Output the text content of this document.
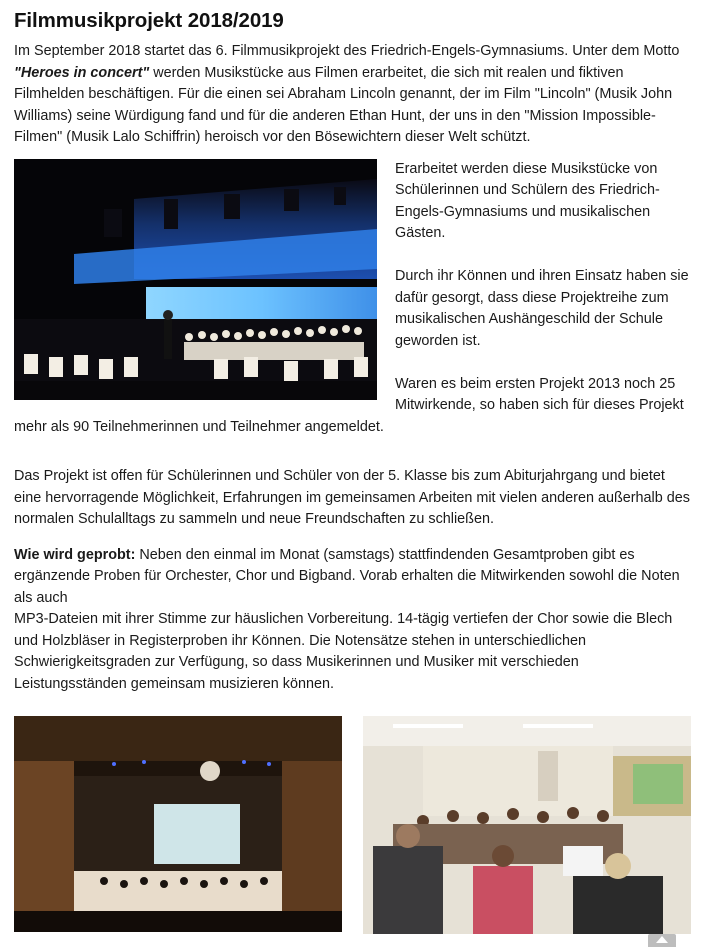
Filmmusikprojekt 2018/2019

Im September 2018 startet das 6. Filmmusikprojekt des Friedrich-Engels-Gymnasiums. Unter dem Motto "Heroes in concert" werden Musikstücke aus Filmen erarbeitet, die sich mit realen und fiktiven Filmhelden beschäftigen. Für die einen sei Abraham Lincoln genannt, der im Film "Lincoln" (Musik John Williams) seine Würdigung fand und für die anderen Ethan Hunt, der uns in den "Mission Impossible-Filmen" (Musik Lalo Schiffrin) heroisch vor den Bösewichtern dieser Welt schützt.

Erarbeitet werden diese Musikstücke von Schülerinnen und Schülern des Friedrich-Engels-Gymnasiums und musikalischen Gästen.

Durch ihr Können und ihren Einsatz haben sie dafür gesorgt, dass diese Projektreihe zum musikalischen Aushängeschild der Schule geworden ist.

Waren es beim ersten Projekt 2013 noch 25 Mitwirkende, so haben sich für dieses Projekt mehr als 90 Teilnehmerinnen und Teilnehmer angemeldet.

Das Projekt ist offen für Schülerinnen und Schüler von der 5. Klasse bis zum Abiturjahrgang und bietet eine hervorragende Möglichkeit, Erfahrungen im gemeinsamen Arbeiten mit vielen anderen außerhalb des normalen Schulalltags zu sammeln und neue Freundschaften zu schließen.

Wie wird geprobt: Neben den einmal im Monat (samstags) stattfindenden Gesamtproben gibt es ergänzende Proben für Orchester, Chor und Bigband. Vorab erhalten die Mitwirkenden sowohl die Noten als auch

MP3-Dateien mit ihrer Stimme zur häuslichen Vorbereitung. 14-tägig vertiefen der Chor sowie die Blech und Holzbläser in Registerproben ihr Können. Die Notensätze stehen in unterschiedlichen Schwierigkeitsgraden zur Verfügung, so dass Musikerinnen und Musiker mit verschieden Leistungsständen gemeinsam musizieren können.
